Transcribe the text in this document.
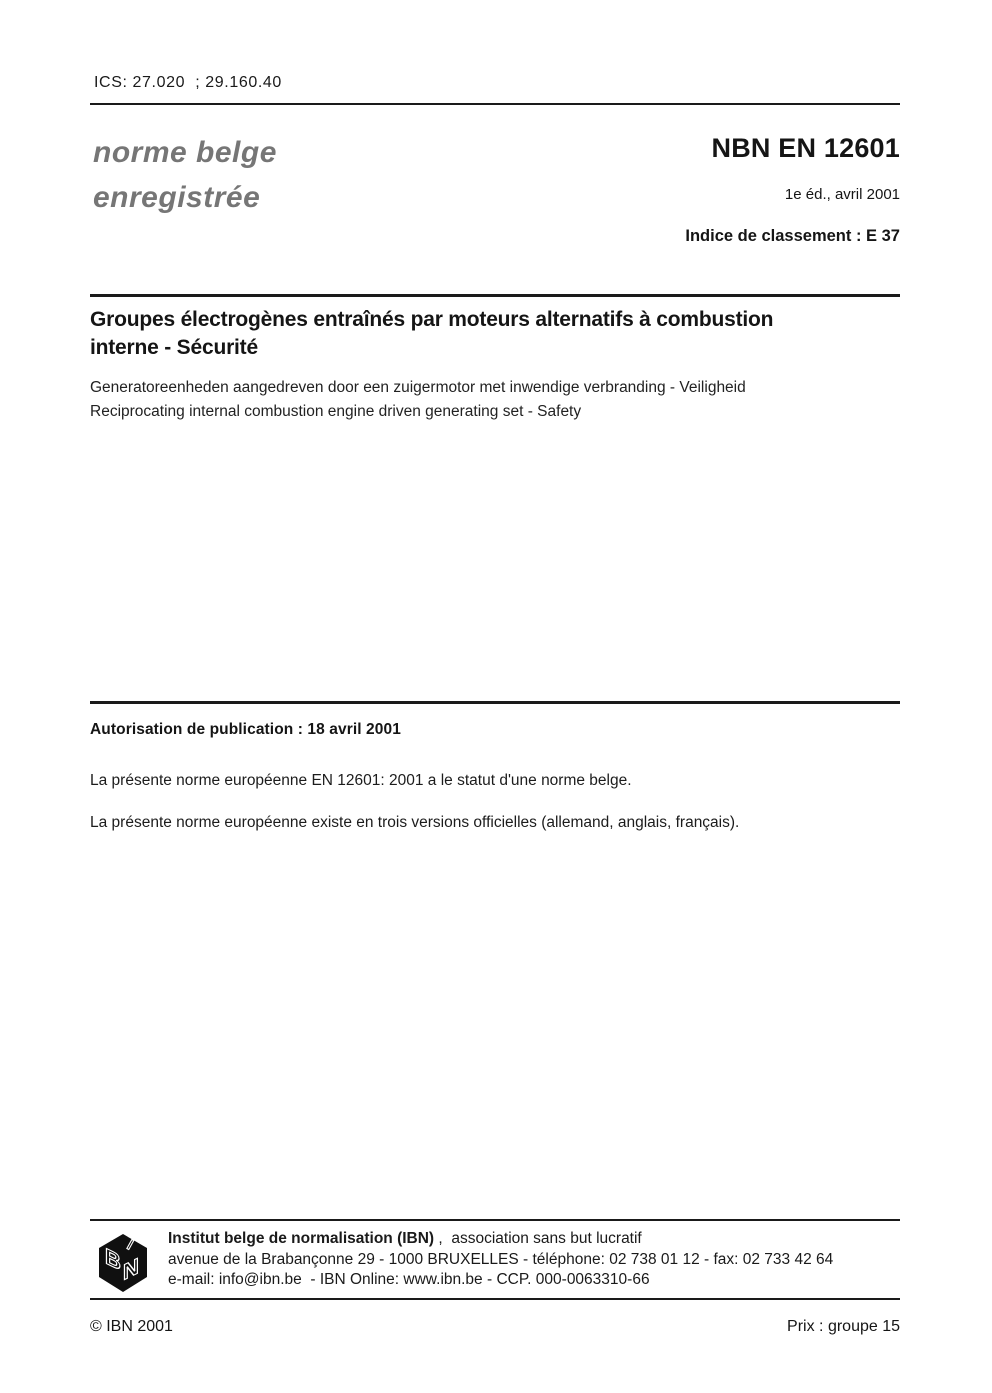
ICS: 27.020  ; 29.160.40
norme belge
enregistrée
NBN EN 12601
1e éd., avril 2001
Indice de classement : E 37
Groupes électrogènes entraînés par moteurs alternatifs à combustion
interne - Sécurité
Generatoreenheden aangedreven door een zuigermotor met inwendige verbranding - Veiligheid
Reciprocating internal combustion engine driven generating set - Safety
Autorisation de publication : 18 avril 2001
La présente norme européenne EN 12601: 2001 a le statut d'une norme belge.
La présente norme européenne existe en trois versions officielles (allemand, anglais, français).
I
B N
Institut belge de normalisation (IBN) ,  association sans but lucratif
avenue de la Brabançonne 29 - 1000 BRUXELLES - téléphone: 02 738 01 12 - fax: 02 733 42 64
e-mail: info@ibn.be  - IBN Online: www.ibn.be - CCP. 000-0063310-66
© IBN 2001	Prix : groupe 15
